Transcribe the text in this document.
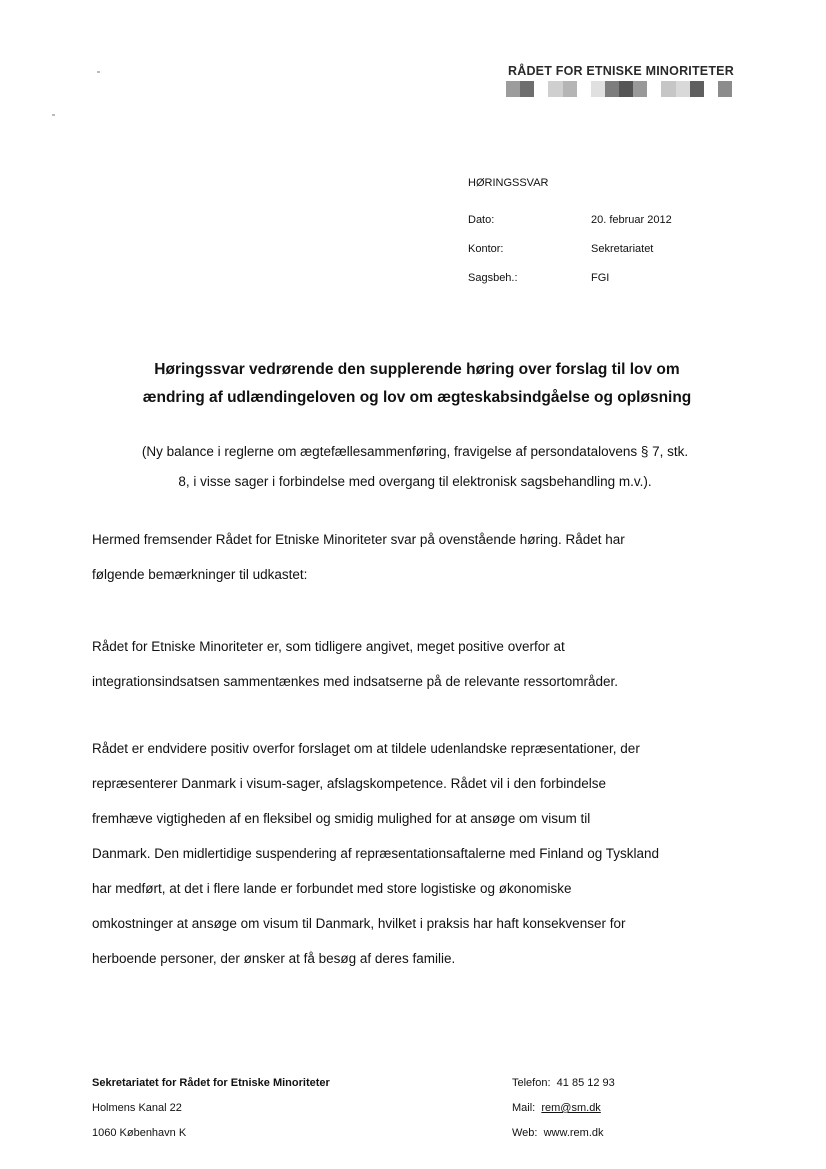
RÅDET FOR ETNISKE MINORITETER
HØRINGSSVAR
Dato:	20. februar 2012
Kontor:	Sekretariatet
Sagsbeh.:	FGI
Høringssvar vedrørende den supplerende høring over forslag til lov om
ændring af udlændingeloven og lov om ægteskabsindgåelse og opløsning
(Ny balance i reglerne om ægtefællesammenføring, fravigelse af persondatalovens § 7, stk.
8, i visse sager i forbindelse med overgang til elektronisk sagsbehandling m.v.).
Hermed fremsender Rådet for Etniske Minoriteter svar på ovenstående høring. Rådet har
følgende bemærkninger til udkastet:
Rådet for Etniske Minoriteter er, som tidligere angivet, meget positive overfor at
integrationsindsatsen sammentænkes med indsatserne på de relevante ressortområder.
Rådet er endvidere positiv overfor forslaget om at tildele udenlandske repræsentationer, der
repræsenterer Danmark i visum-sager, afslagskompetence. Rådet vil i den forbindelse
fremhæve vigtigheden af en fleksibel og smidig mulighed for at ansøge om visum til
Danmark. Den midlertidige suspendering af repræsentationsaftalerne med Finland og Tyskland
har medført, at det i flere lande er forbundet med store logistiske og økonomiske
omkostninger at ansøge om visum til Danmark, hvilket i praksis har haft konsekvenser for
herboende personer, der ønsker at få besøg af deres familie.
Sekretariatet for Rådet for Etniske Minoriteter
Holmens Kanal 22
1060 København K
Telefon: 41 85 12 93
Mail: rem@sm.dk
Web: www.rem.dk
